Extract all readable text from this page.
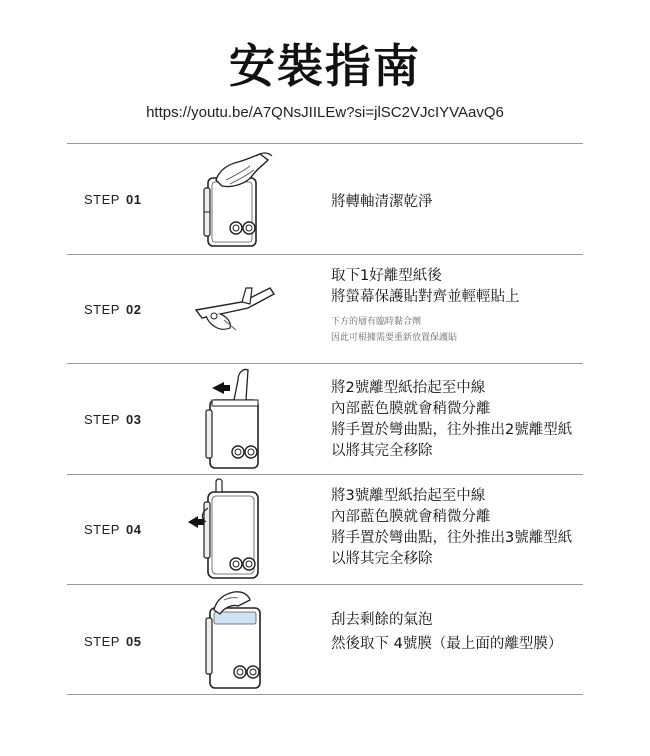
安裝指南
https://youtu.be/A7QNsJIILEw?si=jlSC2VJcIYVAavQ6
STEP 01	將轉軸清潔乾淨
STEP 02
取下1好離型紙後
將螢幕保護貼對齊並輕輕貼上
下方的層有臨時黏合劑
因此可根據需要重新放置保護貼
STEP 03
將2號離型紙抬起至中線
內部藍色膜就會稍微分離
將手置於彎曲點，往外推出2號離型紙
以將其完全移除
STEP 04
將3號離型紙抬起至中線
內部藍色膜就會稍微分離
將手置於彎曲點，往外推出3號離型紙
以將其完全移除
STEP 05
刮去剩餘的氣泡
然後取下 4號膜（最上面的離型膜）
